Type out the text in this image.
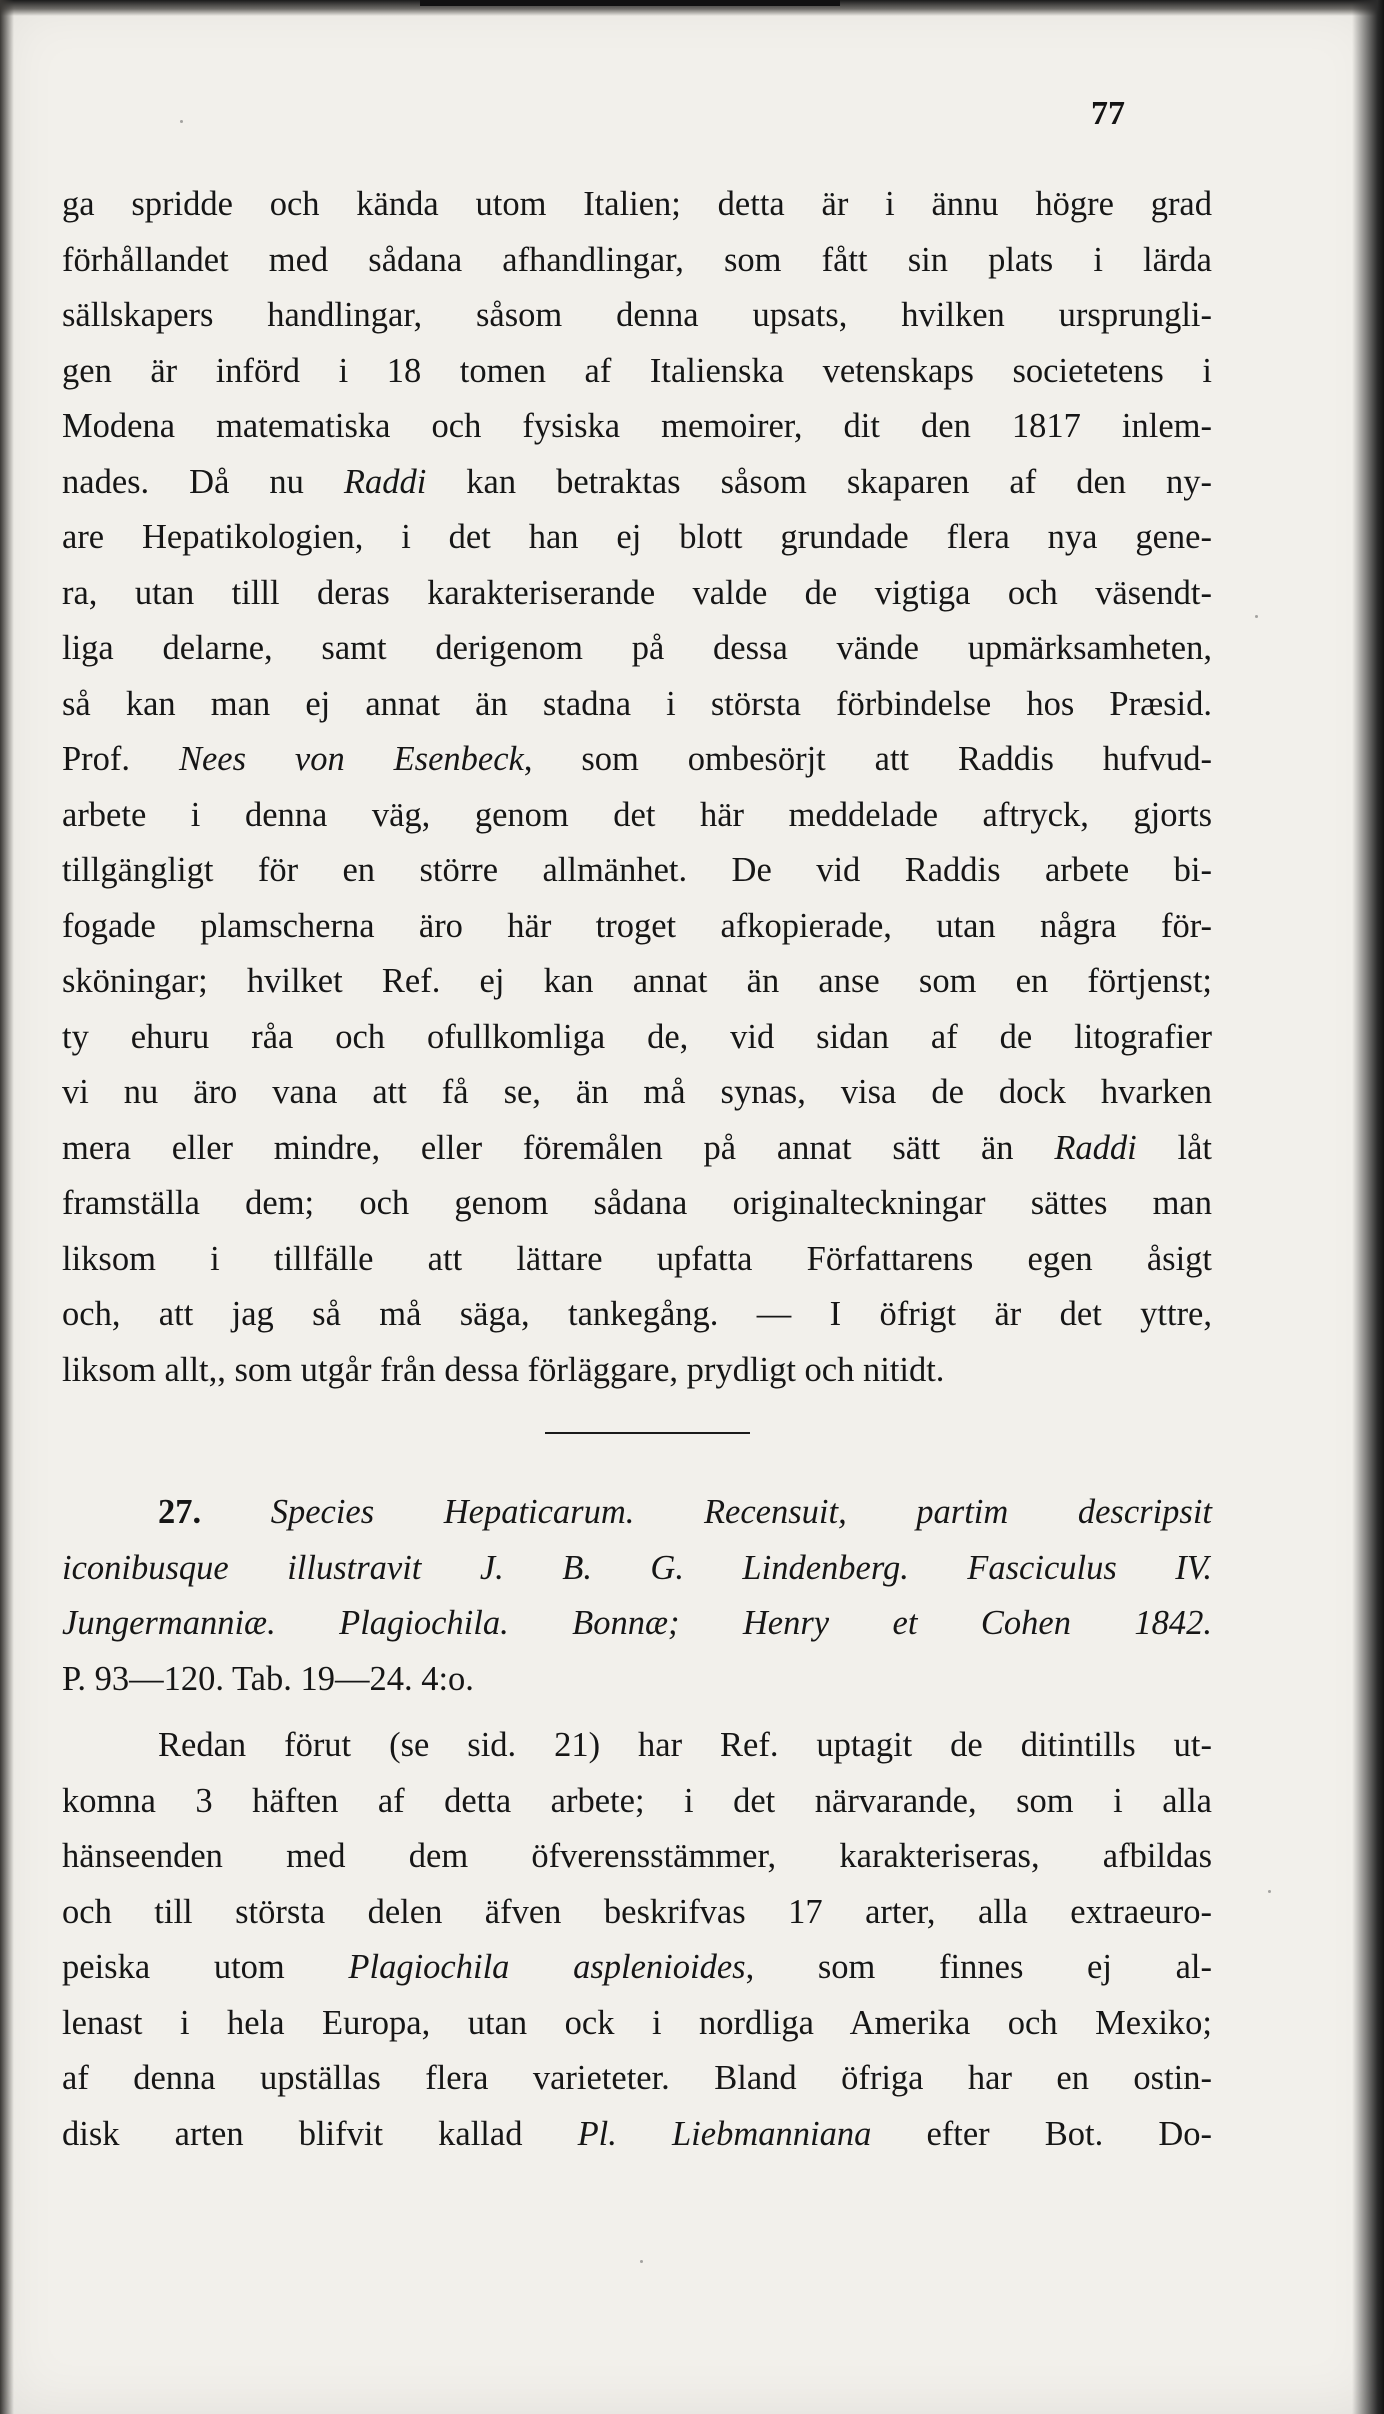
77
ga spridde och kända utom Italien; detta är i ännu högre grad
förhållandet med sådana afhandlingar, som fått sin plats i lärda
sällskapers handlingar, såsom denna upsats, hvilken ursprungli-
gen är införd i 18 tomen af Italienska vetenskaps societetens i
Modena matematiska och fysiska memoirer, dit den 1817 inlem-
nades. Då nu Raddi kan betraktas såsom skaparen af den ny-
are Hepatikologien, i det han ej blott grundade flera nya gene-
ra, utan tilll deras karakteriserande valde de vigtiga och väsendt-
liga delarne, samt derigenom på dessa vände upmärksamheten,
så kan man ej annat än stadna i största förbindelse hos Præsid.
Prof. Nees von Esenbeck, som ombesörjt att Raddis hufvud-
arbete i denna väg, genom det här meddelade aftryck, gjorts
tillgängligt för en större allmänhet. De vid Raddis arbete bi-
fogade plamscherna äro här troget afkopierade, utan några för-
sköningar; hvilket Ref. ej kan annat än anse som en förtjenst;
ty ehuru råa och ofullkomliga de, vid sidan af de litografier
vi nu äro vana att få se, än må synas, visa de dock hvarken
mera eller mindre, eller föremålen på annat sätt än Raddi låt
framställa dem; och genom sådana originalteckningar sättes man
liksom i tillfälle att lättare upfatta Författarens egen åsigt
och, att jag så må säga, tankegång. — I öfrigt är det yttre,
liksom allt,, som utgår från dessa förläggare, prydligt och nitidt.
27. Species Hepaticarum. Recensuit, partim descripsit
iconibusque illustravit J. B. G. Lindenberg. Fasciculus IV.
Jungermanniæ. Plagiochila. Bonnæ; Henry et Cohen 1842.
P. 93—120. Tab. 19—24. 4:o.
Redan förut (se sid. 21) har Ref. uptagit de ditintills ut-
komna 3 häften af detta arbete; i det närvarande, som i alla
hänseenden med dem öfverensstämmer, karakteriseras, afbildas
och till största delen äfven beskrifvas 17 arter, alla extraeuro-
peiska utom Plagiochila asplenioides, som finnes ej al-
lenast i hela Europa, utan ock i nordliga Amerika och Mexiko;
af denna upställas flera varieteter. Bland öfriga har en ostin-
disk arten blifvit kallad Pl. Liebmanniana efter Bot. Do-
